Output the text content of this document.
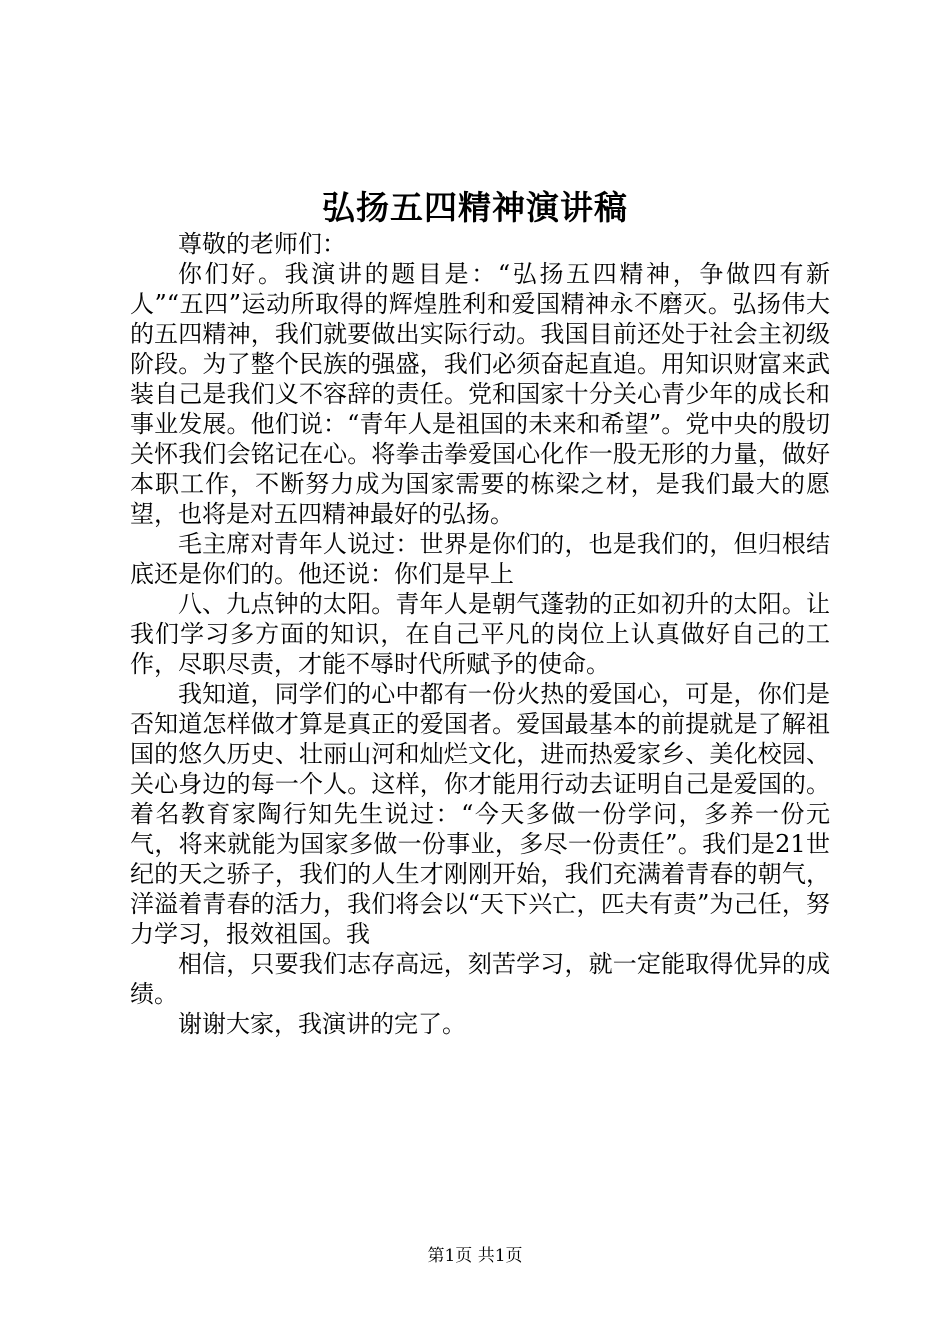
弘扬五四精神演讲稿

尊敬的老师们：

你们好。我演讲的题目是：“弘扬五四精神，争做四有新人”“五四”运动所取得的辉煌胜利和爱国精神永不磨灭。弘扬伟大的五四精神，我们就要做出实际行动。我国目前还处于社会主初级阶段。为了整个民族的强盛，我们必须奋起直追。用知识财富来武装自己是我们义不容辞的责任。党和国家十分关心青少年的成长和事业发展。他们说：“青年人是祖国的未来和希望”。党中央的殷切关怀我们会铭记在心。将拳击拳爱国心化作一股无形的力量，做好本职工作，不断努力成为国家需要的栋梁之材，是我们最大的愿望，也将是对五四精神最好的弘扬。

毛主席对青年人说过：世界是你们的，也是我们的，但归根结底还是你们的。他还说：你们是早上

八、九点钟的太阳。青年人是朝气蓬勃的正如初升的太阳。让我们学习多方面的知识，在自己平凡的岗位上认真做好自己的工作，尽职尽责，才能不辱时代所赋予的使命。

我知道，同学们的心中都有一份火热的爱国心，可是，你们是否知道怎样做才算是真正的爱国者。爱国最基本的前提就是了解祖国的悠久历史、壮丽山河和灿烂文化，进而热爱家乡、美化校园、关心身边的每一个人。这样，你才能用行动去证明自己是爱国的。着名教育家陶行知先生说过：“今天多做一份学问，多养一份元气，将来就能为国家多做一份事业，多尽一份责任”。我们是21世纪的天之骄子，我们的人生才刚刚开始，我们充满着青春的朝气，洋溢着青春的活力，我们将会以“天下兴亡，匹夫有责”为己任，努力学习，报效祖国。我

相信，只要我们志存高远，刻苦学习，就一定能取得优异的成绩。

谢谢大家，我演讲的完了。

第1页 共1页
